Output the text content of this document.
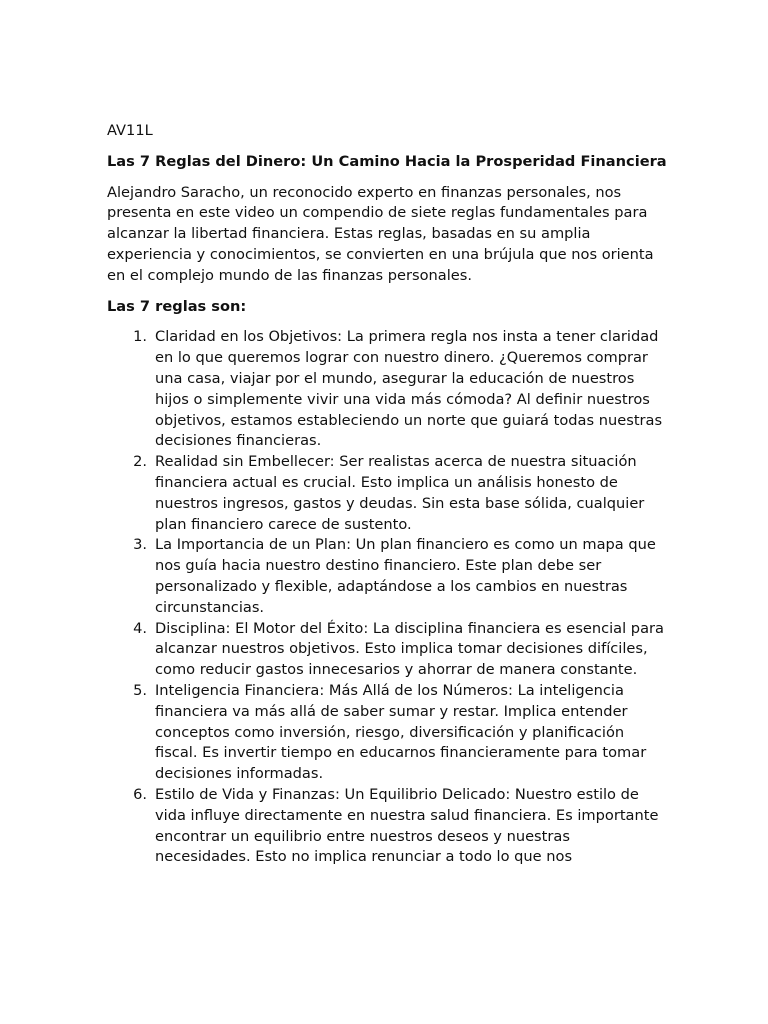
AV11L

Las 7 Reglas del Dinero: Un Camino Hacia la Prosperidad Financiera

Alejandro Saracho, un reconocido experto en finanzas personales, nos presenta en este video un compendio de siete reglas fundamentales para alcanzar la libertad financiera. Estas reglas, basadas en su amplia experiencia y conocimientos, se convierten en una brújula que nos orienta en el complejo mundo de las finanzas personales.

Las 7 reglas son:

1. Claridad en los Objetivos: La primera regla nos insta a tener claridad en lo que queremos lograr con nuestro dinero. ¿Queremos comprar una casa, viajar por el mundo, asegurar la educación de nuestros hijos o simplemente vivir una vida más cómoda? Al definir nuestros objetivos, estamos estableciendo un norte que guiará todas nuestras decisiones financieras.
2. Realidad sin Embellecer: Ser realistas acerca de nuestra situación financiera actual es crucial. Esto implica un análisis honesto de nuestros ingresos, gastos y deudas. Sin esta base sólida, cualquier plan financiero carece de sustento.
3. La Importancia de un Plan: Un plan financiero es como un mapa que nos guía hacia nuestro destino financiero. Este plan debe ser personalizado y flexible, adaptándose a los cambios en nuestras circunstancias.
4. Disciplina: El Motor del Éxito: La disciplina financiera es esencial para alcanzar nuestros objetivos. Esto implica tomar decisiones difíciles, como reducir gastos innecesarios y ahorrar de manera constante.
5. Inteligencia Financiera: Más Allá de los Números: La inteligencia financiera va más allá de saber sumar y restar. Implica entender conceptos como inversión, riesgo, diversificación y planificación fiscal. Es invertir tiempo en educarnos financieramente para tomar decisiones informadas.
6. Estilo de Vida y Finanzas: Un Equilibrio Delicado: Nuestro estilo de vida influye directamente en nuestra salud financiera. Es importante encontrar un equilibrio entre nuestros deseos y nuestras necesidades. Esto no implica renunciar a todo lo que nos
